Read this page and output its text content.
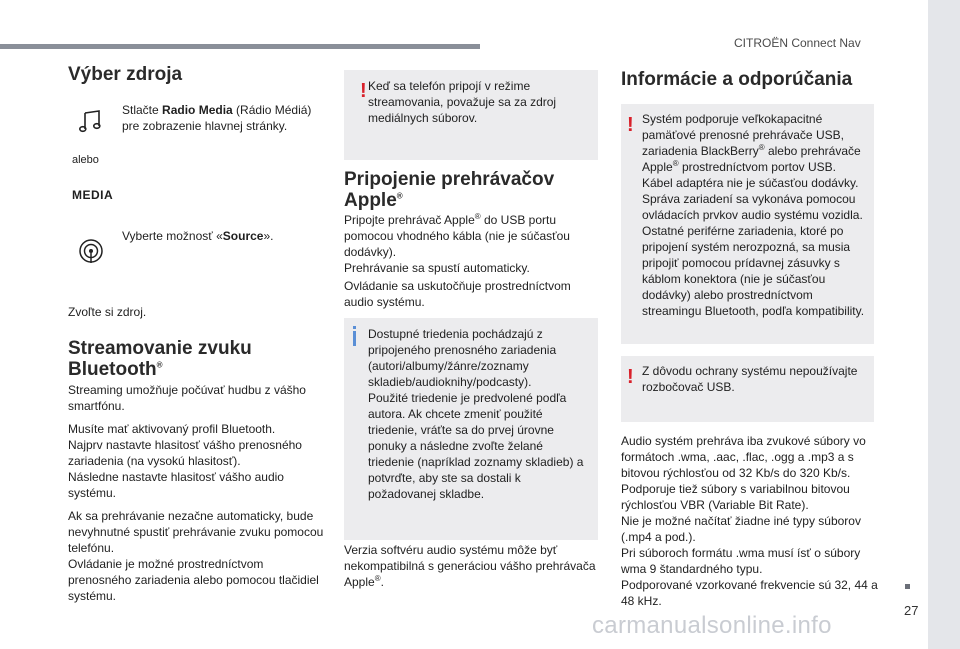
CITROËN Connect Nav
27
carmanualsonline.info
Výber zdroja

Stlačte Radio Media (Rádio Médiá) pre zobrazenie hlavnej stránky.

alebo
MEDIA

Vyberte možnosť «Source».

Zvoľte si zdroj.
Streamovanie zvuku
Bluetooth®

Streaming umožňuje počúvať hudbu z vášho smartfónu.

Musíte mať aktivovaný profil Bluetooth.

Najprv nastavte hlasitosť vášho prenosného zariadenia (na vysokú hlasitosť).

Následne nastavte hlasitosť vášho audio systému.

Ak sa prehrávanie nezačne automaticky, bude nevyhnutné spustiť prehrávanie zvuku pomocou telefónu.

Ovládanie je možné prostredníctvom prenosného zariadenia alebo pomocou tlačidiel systému.

! Keď sa telefón pripojí v režime streamovania, považuje sa za zdroj mediálnych súborov.

Pripojenie prehrávačov
Apple®

Pripojte prehrávač Apple® do USB portu pomocou vhodného kábla (nie je súčasťou dodávky).

Prehrávanie sa spustí automaticky.

Ovládanie sa uskutočňuje prostredníctvom audio systému.

Dostupné triedenia pochádzajú z pripojeného prenosného zariadenia (autori/albumy/žánre/zoznamy skladieb/audioknihy/podcasty).

Použité triedenie je predvolené podľa autora. Ak chcete zmeniť použité triedenie, vráťte sa do prvej úrovne ponuky a následne zvoľte želané triedenie (napríklad zoznamy skladieb) a potvrďte, aby ste sa dostali k požadovanej skladbe.

Verzia softvéru audio systému môže byť nekompatibilná s generáciou vášho prehrávača Apple®.

Informácie a odporúčania
! Systém podporuje veľkokapacitné pamäťové prenosné prehrávače USB, zariadenia BlackBerry® alebo prehrávače Apple® prostredníctvom portov USB. Kábel adaptéra nie je súčasťou dodávky.

Správa zariadení sa vykonáva pomocou ovládacích prvkov audio systému vozidla.

Ostatné periférne zariadenia, ktoré po pripojení systém nerozpozná, sa musia pripojiť pomocou prídavnej zásuvky s káblom konektora (nie je súčasťou dodávky) alebo prostredníctvom streamingu Bluetooth, podľa kompatibility.

! Z dôvodu ochrany systému nepoužívajte rozbočovač USB.

Audio systém prehráva iba zvukové súbory vo formátoch .wma, .aac, .flac, .ogg a .mp3 a s bitovou rýchlosťou od 32 Kb/s do 320 Kb/s.

Podporuje tiež súbory s variabilnou bitovou rýchlosťou VBR (Variable Bit Rate).

Nie je možné načítať žiadne iné typy súborov (.mp4 a pod.).

Pri súboroch formátu .wma musí ísť o súbory wma 9 štandardného typu.

Podporované vzorkované frekvencie sú 32, 44 a 48 kHz.
